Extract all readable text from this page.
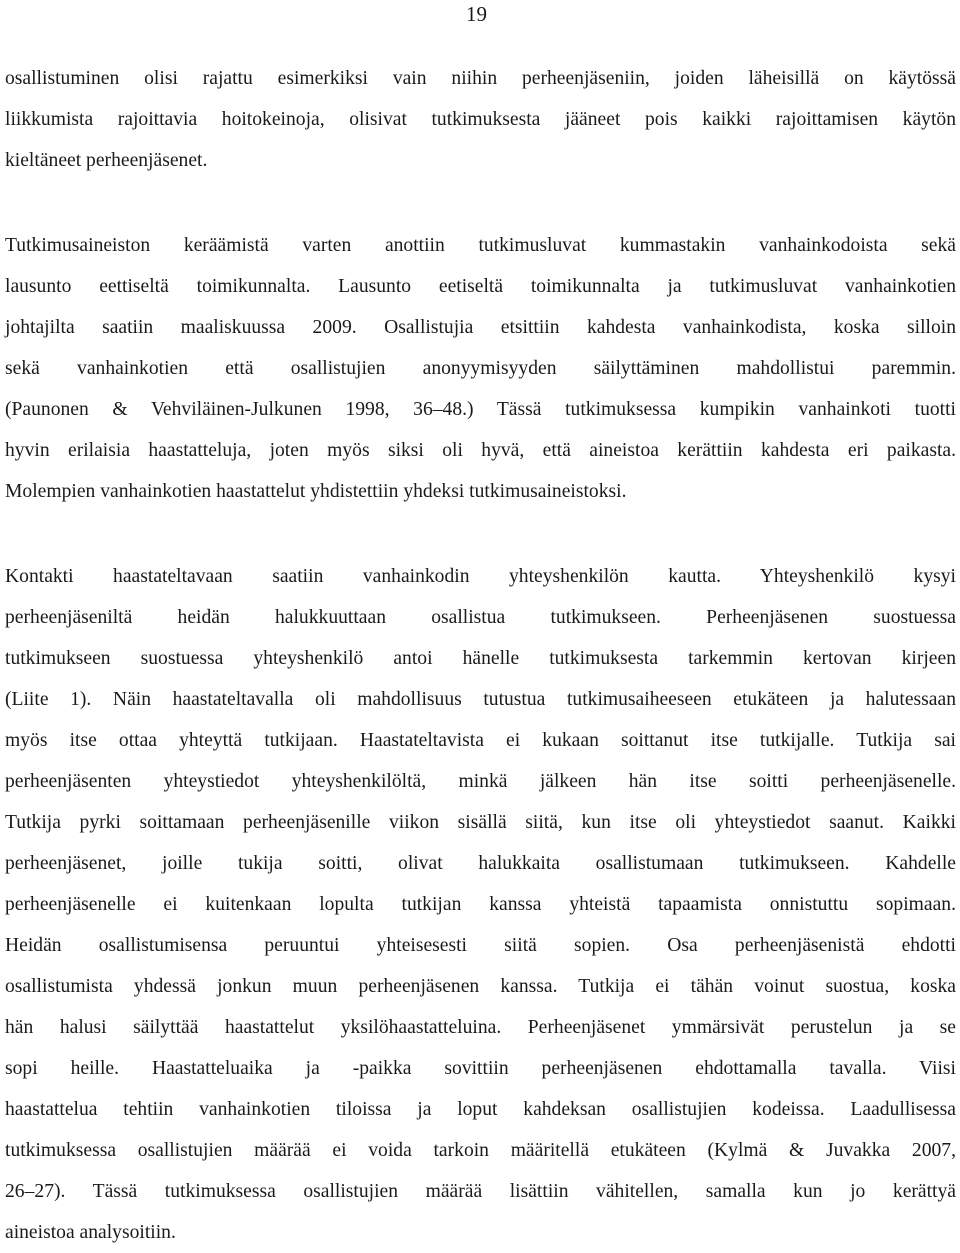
19
osallistuminen olisi rajattu esimerkiksi vain niihin perheenjäseniin, joiden läheisillä on käytössä
liikkumista rajoittavia hoitokeinoja, olisivat tutkimuksesta jääneet pois kaikki rajoittamisen käytön
kieltäneet perheenjäsenet.
Tutkimusaineiston keräämistä varten anottiin tutkimusluvat kummastakin vanhainkodoista sekä
lausunto eettiseltä toimikunnalta. Lausunto eetiseltä toimikunnalta ja tutkimusluvat vanhainkotien
johtajilta saatiin maaliskuussa 2009. Osallistujia etsittiin kahdesta vanhainkodista, koska silloin
sekä vanhainkotien että osallistujien anonyymisyyden säilyttäminen mahdollistui paremmin.
(Paunonen & Vehviläinen-Julkunen 1998, 36–48.) Tässä tutkimuksessa kumpikin vanhainkoti tuotti
hyvin erilaisia haastatteluja, joten myös siksi oli hyvä, että aineistoa kerättiin kahdesta eri paikasta.
Molempien vanhainkotien haastattelut yhdistettiin yhdeksi tutkimusaineistoksi.
Kontakti haastateltavaan saatiin vanhainkodin yhteyshenkilön kautta. Yhteyshenkilö kysyi
perheenjäseniltä heidän halukkuuttaan osallistua tutkimukseen. Perheenjäsenen suostuessa
tutkimukseen suostuessa yhteyshenkilö antoi hänelle tutkimuksesta tarkemmin kertovan kirjeen
(Liite 1). Näin haastateltavalla oli mahdollisuus tutustua tutkimusaiheeseen etukäteen ja halutessaan
myös itse ottaa yhteyttä tutkijaan. Haastateltavista ei kukaan soittanut itse tutkijalle. Tutkija sai
perheenjäsenten yhteystiedot yhteyshenkilöltä, minkä jälkeen hän itse soitti perheenjäsenelle.
Tutkija pyrki soittamaan perheenjäsenille viikon sisällä siitä, kun itse oli yhteystiedot saanut. Kaikki
perheenjäsenet, joille tukija soitti, olivat halukkaita osallistumaan tutkimukseen. Kahdelle
perheenjäsenelle ei kuitenkaan lopulta tutkijan kanssa yhteistä tapaamista onnistuttu sopimaan.
Heidän osallistumisensa peruuntui yhteisesesti siitä sopien. Osa perheenjäsenistä ehdotti
osallistumista yhdessä jonkun muun perheenjäsenen kanssa. Tutkija ei tähän voinut suostua, koska
hän halusi säilyttää haastattelut yksilöhaastatteluina. Perheenjäsenet ymmärsivät perustelun ja se
sopi heille. Haastatteluaika ja -paikka sovittiin perheenjäsenen ehdottamalla tavalla. Viisi
haastattelua tehtiin vanhainkotien tiloissa ja loput kahdeksan osallistujien kodeissa. Laadullisessa
tutkimuksessa osallistujien määrää ei voida tarkoin määritellä etukäteen (Kylmä & Juvakka 2007,
26–27). Tässä tutkimuksessa osallistujien määrää lisättiin vähitellen, samalla kun jo kerättyä
aineistoa analysoitiin.
